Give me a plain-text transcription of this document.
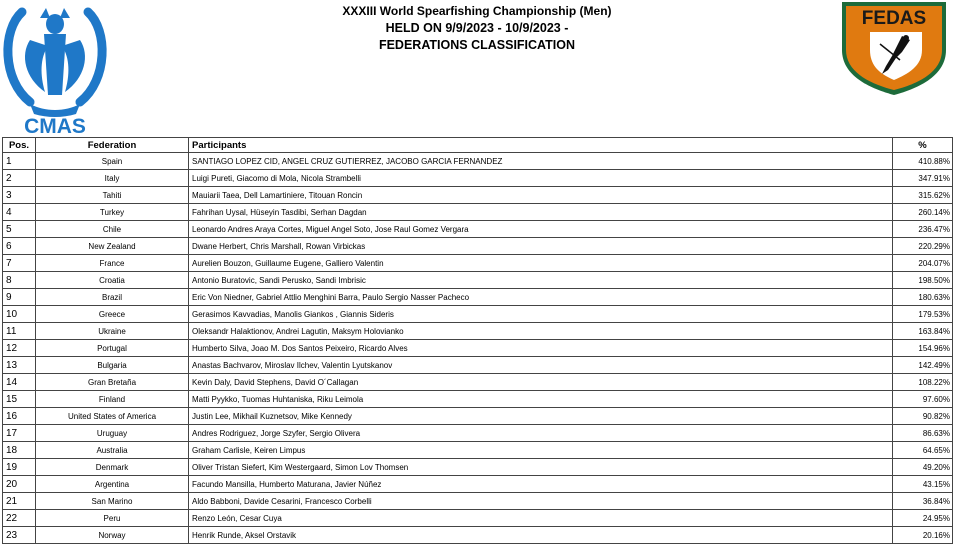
CMAS
FEDAS
XXXIII World Spearfishing Championship (Men)
HELD ON 9/9/2023 - 10/9/2023 -
FEDERATIONS CLASSIFICATION
Pos.	Federation	Participants	%
1	Spain	SANTIAGO LOPEZ CID, ANGEL CRUZ GUTIERREZ, JACOBO GARCIA FERNANDEZ	410.88%
2	Italy	Luigi Pureti, Giacomo di Mola, Nicola Strambelli	347.91%
3	Tahiti	Mauiarii Taea, Dell Lamartiniere, Titouan Roncin	315.62%
4	Turkey	Fahrihan Uysal, Hüseyin Tasdibi, Serhan Dagdan	260.14%
5	Chile	Leonardo Andres Araya Cortes, Miguel Angel Soto, Jose Raul Gomez Vergara	236.47%
6	New Zealand	Dwane Herbert, Chris Marshall, Rowan Virbickas	220.29%
7	France	Aurelien Bouzon, Guillaume Eugene, Galliero Valentin	204.07%
8	Croatia	Antonio Buratovic, Sandi Perusko, Sandi Imbrisic	198.50%
9	Brazil	Eric Von Niedner, Gabriel Attlio Menghini Barra, Paulo Sergio Nasser Pacheco	180.63%
10	Greece	Gerasimos Kavvadias, Manolis Giankos , Giannis Sideris	179.53%
11	Ukraine	Oleksandr Halaktionov, Andrei Lagutin, Maksym Holovianko	163.84%
12	Portugal	Humberto Silva, Joao M. Dos Santos Peixeiro, Ricardo Alves	154.96%
13	Bulgaria	Anastas Bachvarov, Miroslav Ilchev, Valentin Lyutskanov	142.49%
14	Gran Bretaña	Kevin Daly, David Stephens, David O´Callagan	108.22%
15	Finland	Matti Pyykko, Tuomas Huhtaniska, Riku Leimola	97.60%
16	United States of America	Justin Lee, Mikhail Kuznetsov, Mike Kennedy	90.82%
17	Uruguay	Andres Rodriguez, Jorge Szyfer, Sergio Olivera	86.63%
18	Australia	Graham Carlisle, Keiren Limpus	64.65%
19	Denmark	Oliver Tristan Siefert, Kim Westergaard, Simon Lov Thomsen	49.20%
20	Argentina	Facundo Mansilla, Humberto Maturana, Javier Núñez	43.15%
21	San Marino	Aldo Babboni, Davide Cesarini, Francesco Corbelli	36.84%
22	Peru	Renzo León, Cesar Cuya	24.95%
23	Norway	Henrik Runde, Aksel Orstavik	20.16%
